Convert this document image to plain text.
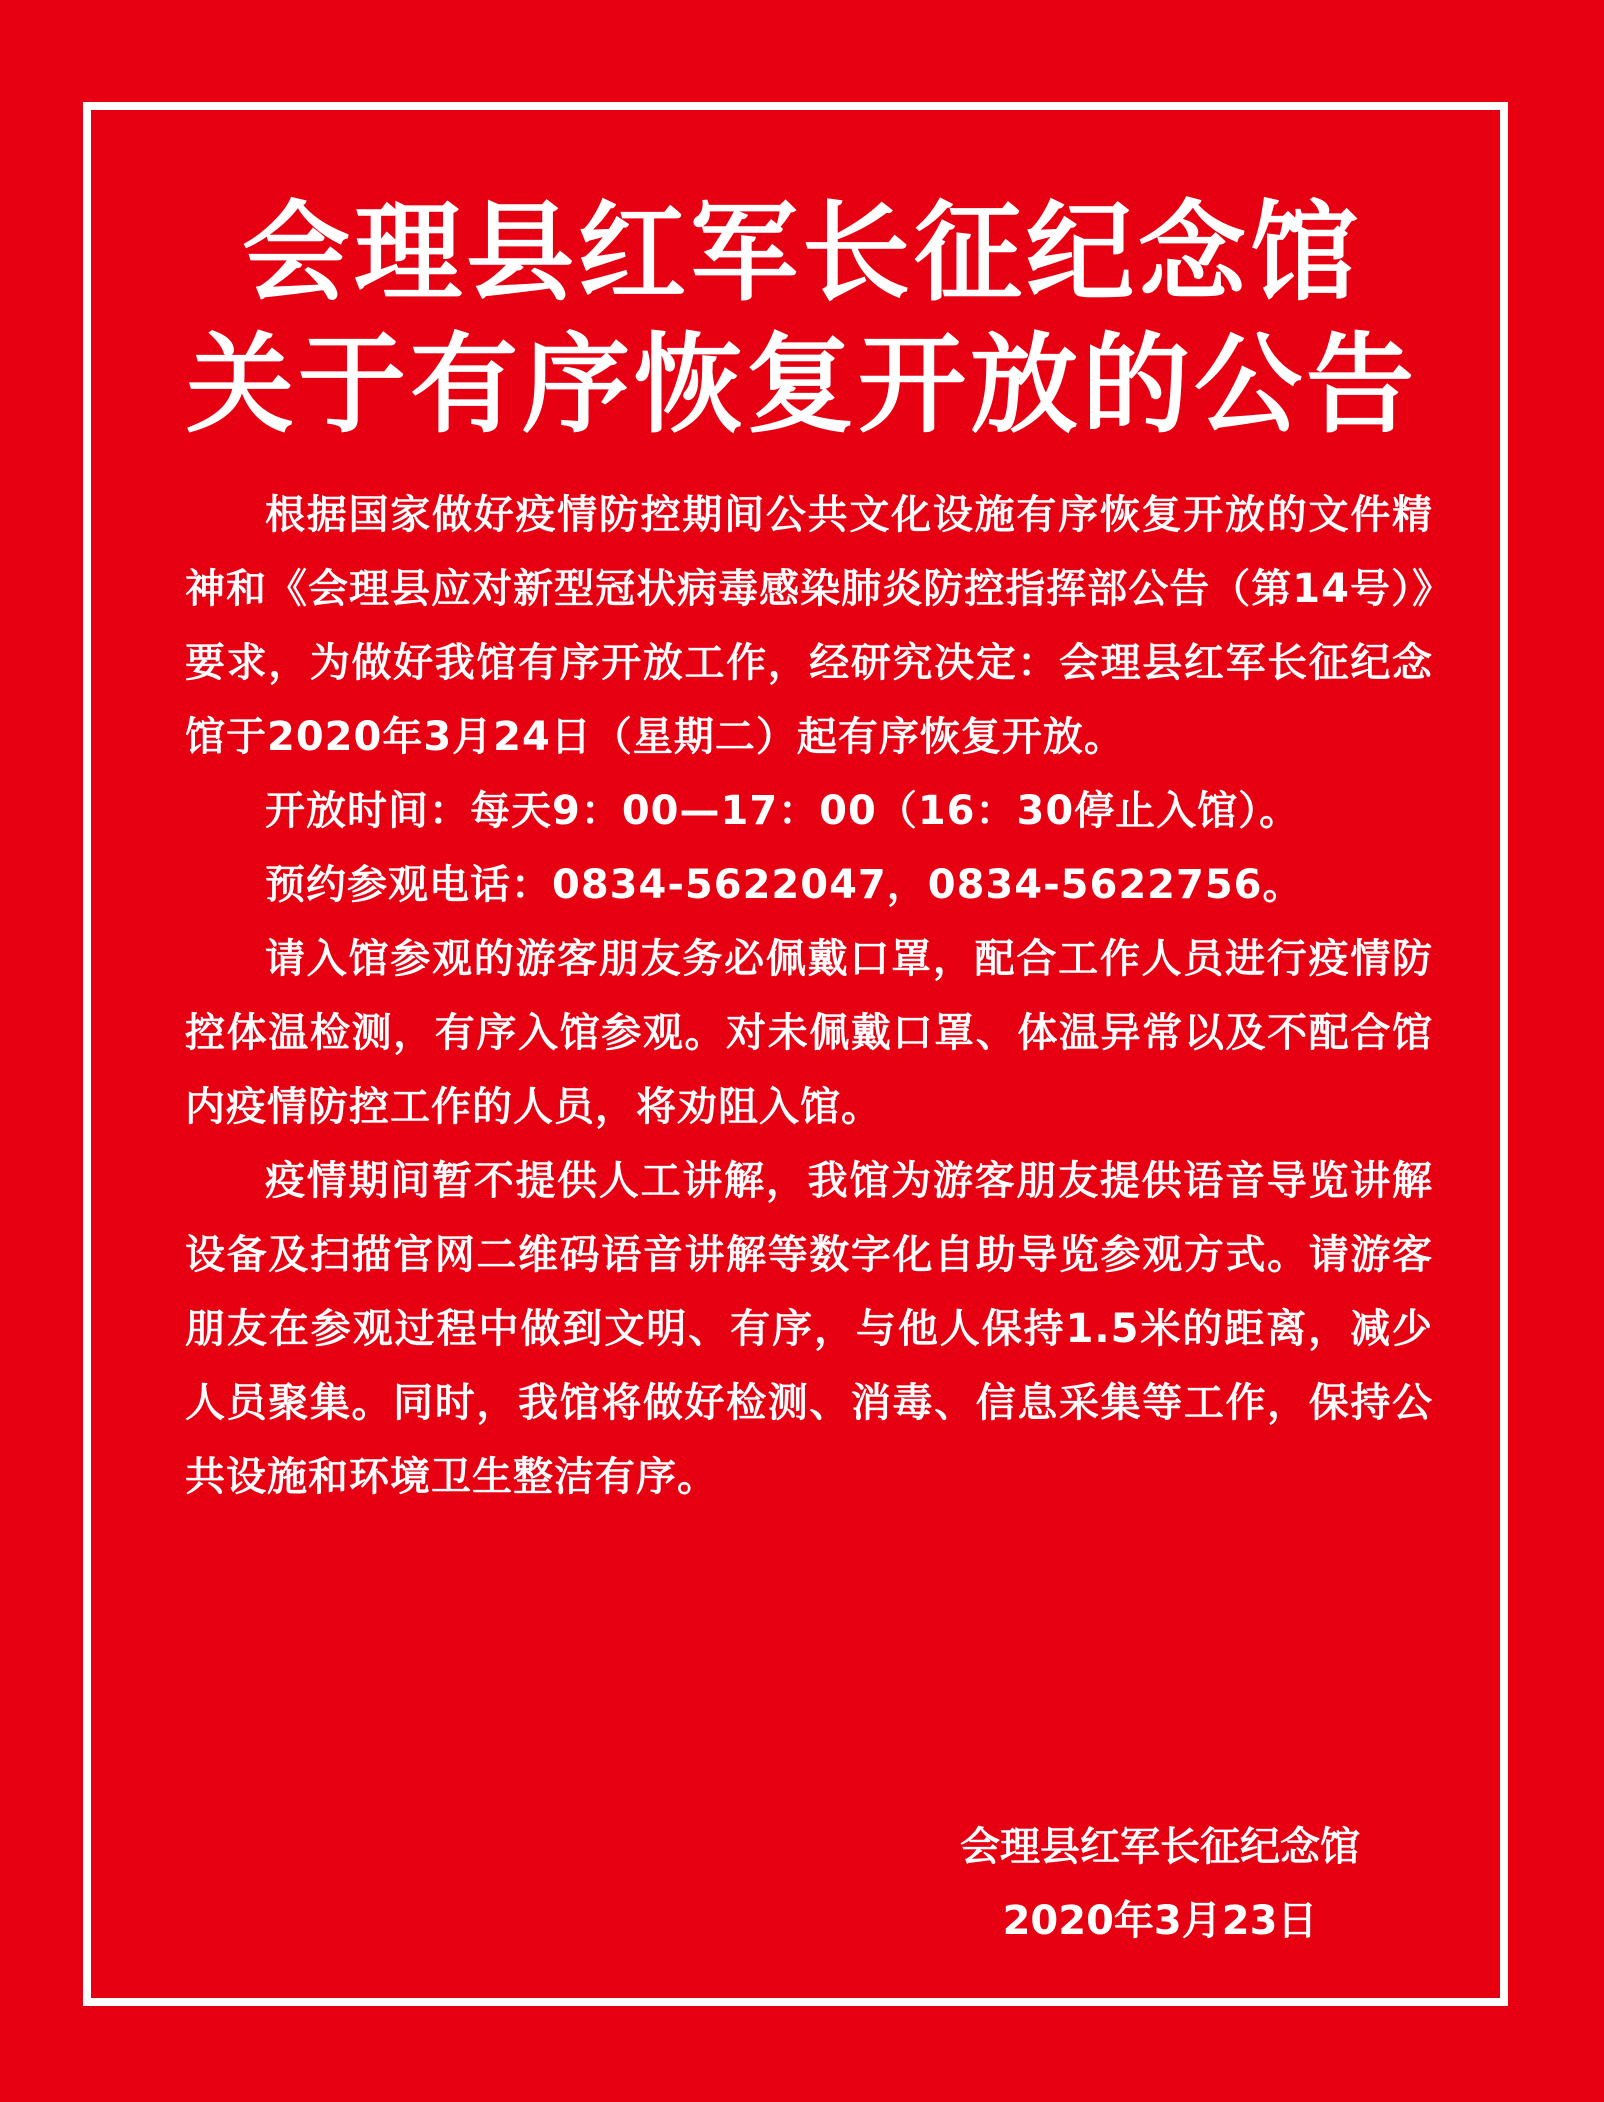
会理县红军长征纪念馆
关于有序恢复开放的公告

根据国家做好疫情防控期间公共文化设施有序恢复开放的文件精神和《会理县应对新型冠状病毒感染肺炎防控指挥部公告（第14号）》要求，为做好我馆有序开放工作，经研究决定：会理县红军长征纪念馆于2020年3月24日（星期二）起有序恢复开放。

开放时间：每天9：00—17：00（16：30停止入馆）。

预约参观电话：0834-5622047，0834-5622756。

请入馆参观的游客朋友务必佩戴口罩，配合工作人员进行疫情防控体温检测，有序入馆参观。对未佩戴口罩、体温异常以及不配合馆内疫情防控工作的人员，将劝阻入馆。

疫情期间暂不提供人工讲解，我馆为游客朋友提供语音导览讲解设备及扫描官网二维码语音讲解等数字化自助导览参观方式。请游客朋友在参观过程中做到文明、有序，与他人保持1.5米的距离，减少人员聚集。同时，我馆将做好检测、消毒、信息采集等工作，保持公共设施和环境卫生整洁有序。

会理县红军长征纪念馆
2020年3月23日
